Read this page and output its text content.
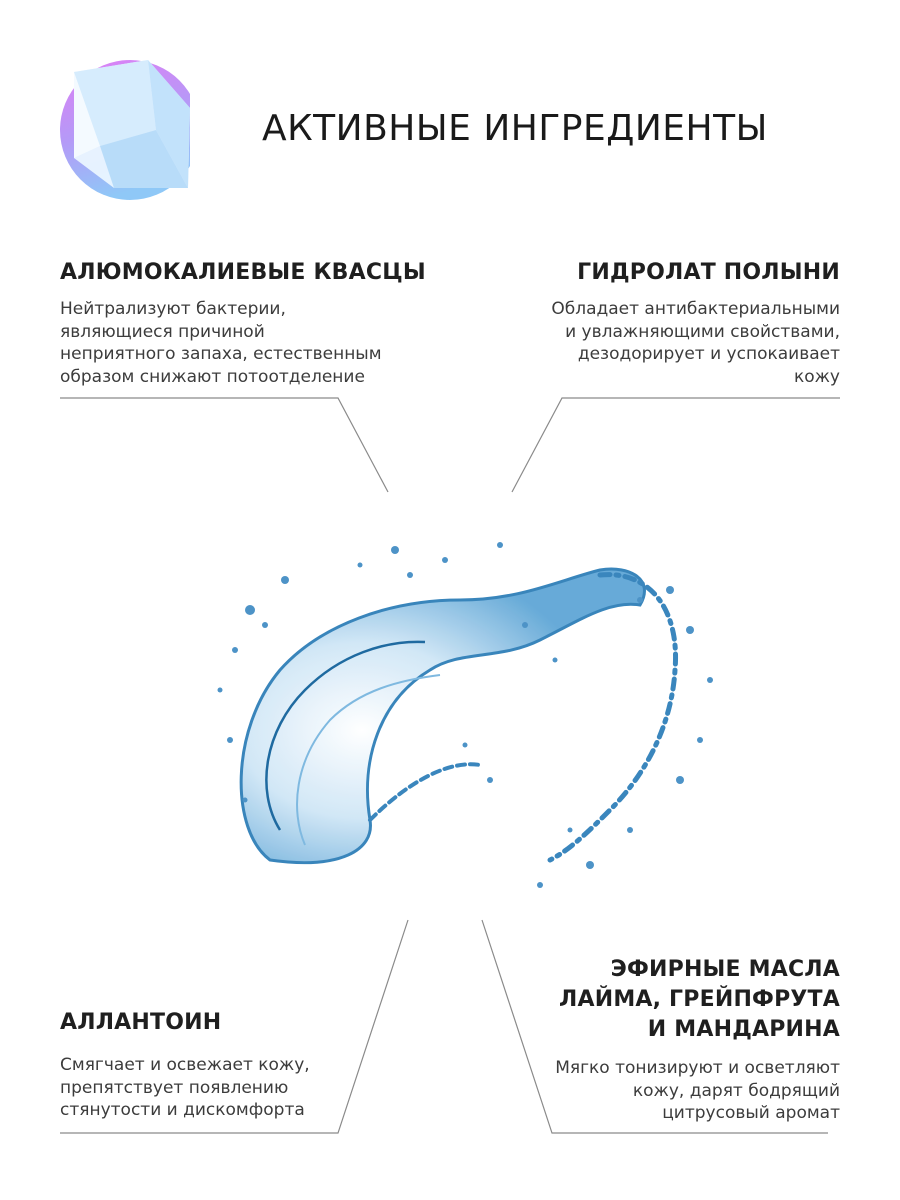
АКТИВНЫЕ ИНГРЕДИЕНТЫ
АЛЮМОКАЛИЕВЫЕ КВАСЦЫ
Нейтрализуют бактерии,
являющиеся причиной
неприятного запаха, естественным
образом снижают потоотделение
ГИДРОЛАТ ПОЛЫНИ
Обладает антибактериальными
и увлажняющими свойствами,
дезодорирует и успокаивает
кожу
АЛЛАНТОИН
Смягчает и освежает кожу,
препятствует появлению
стянутости и дискомфорта
ЭФИРНЫЕ МАСЛА
ЛАЙМА, ГРЕЙПФРУТА
И МАНДАРИНА
Мягко тонизируют и осветляют
кожу, дарят бодрящий
цитрусовый аромат
